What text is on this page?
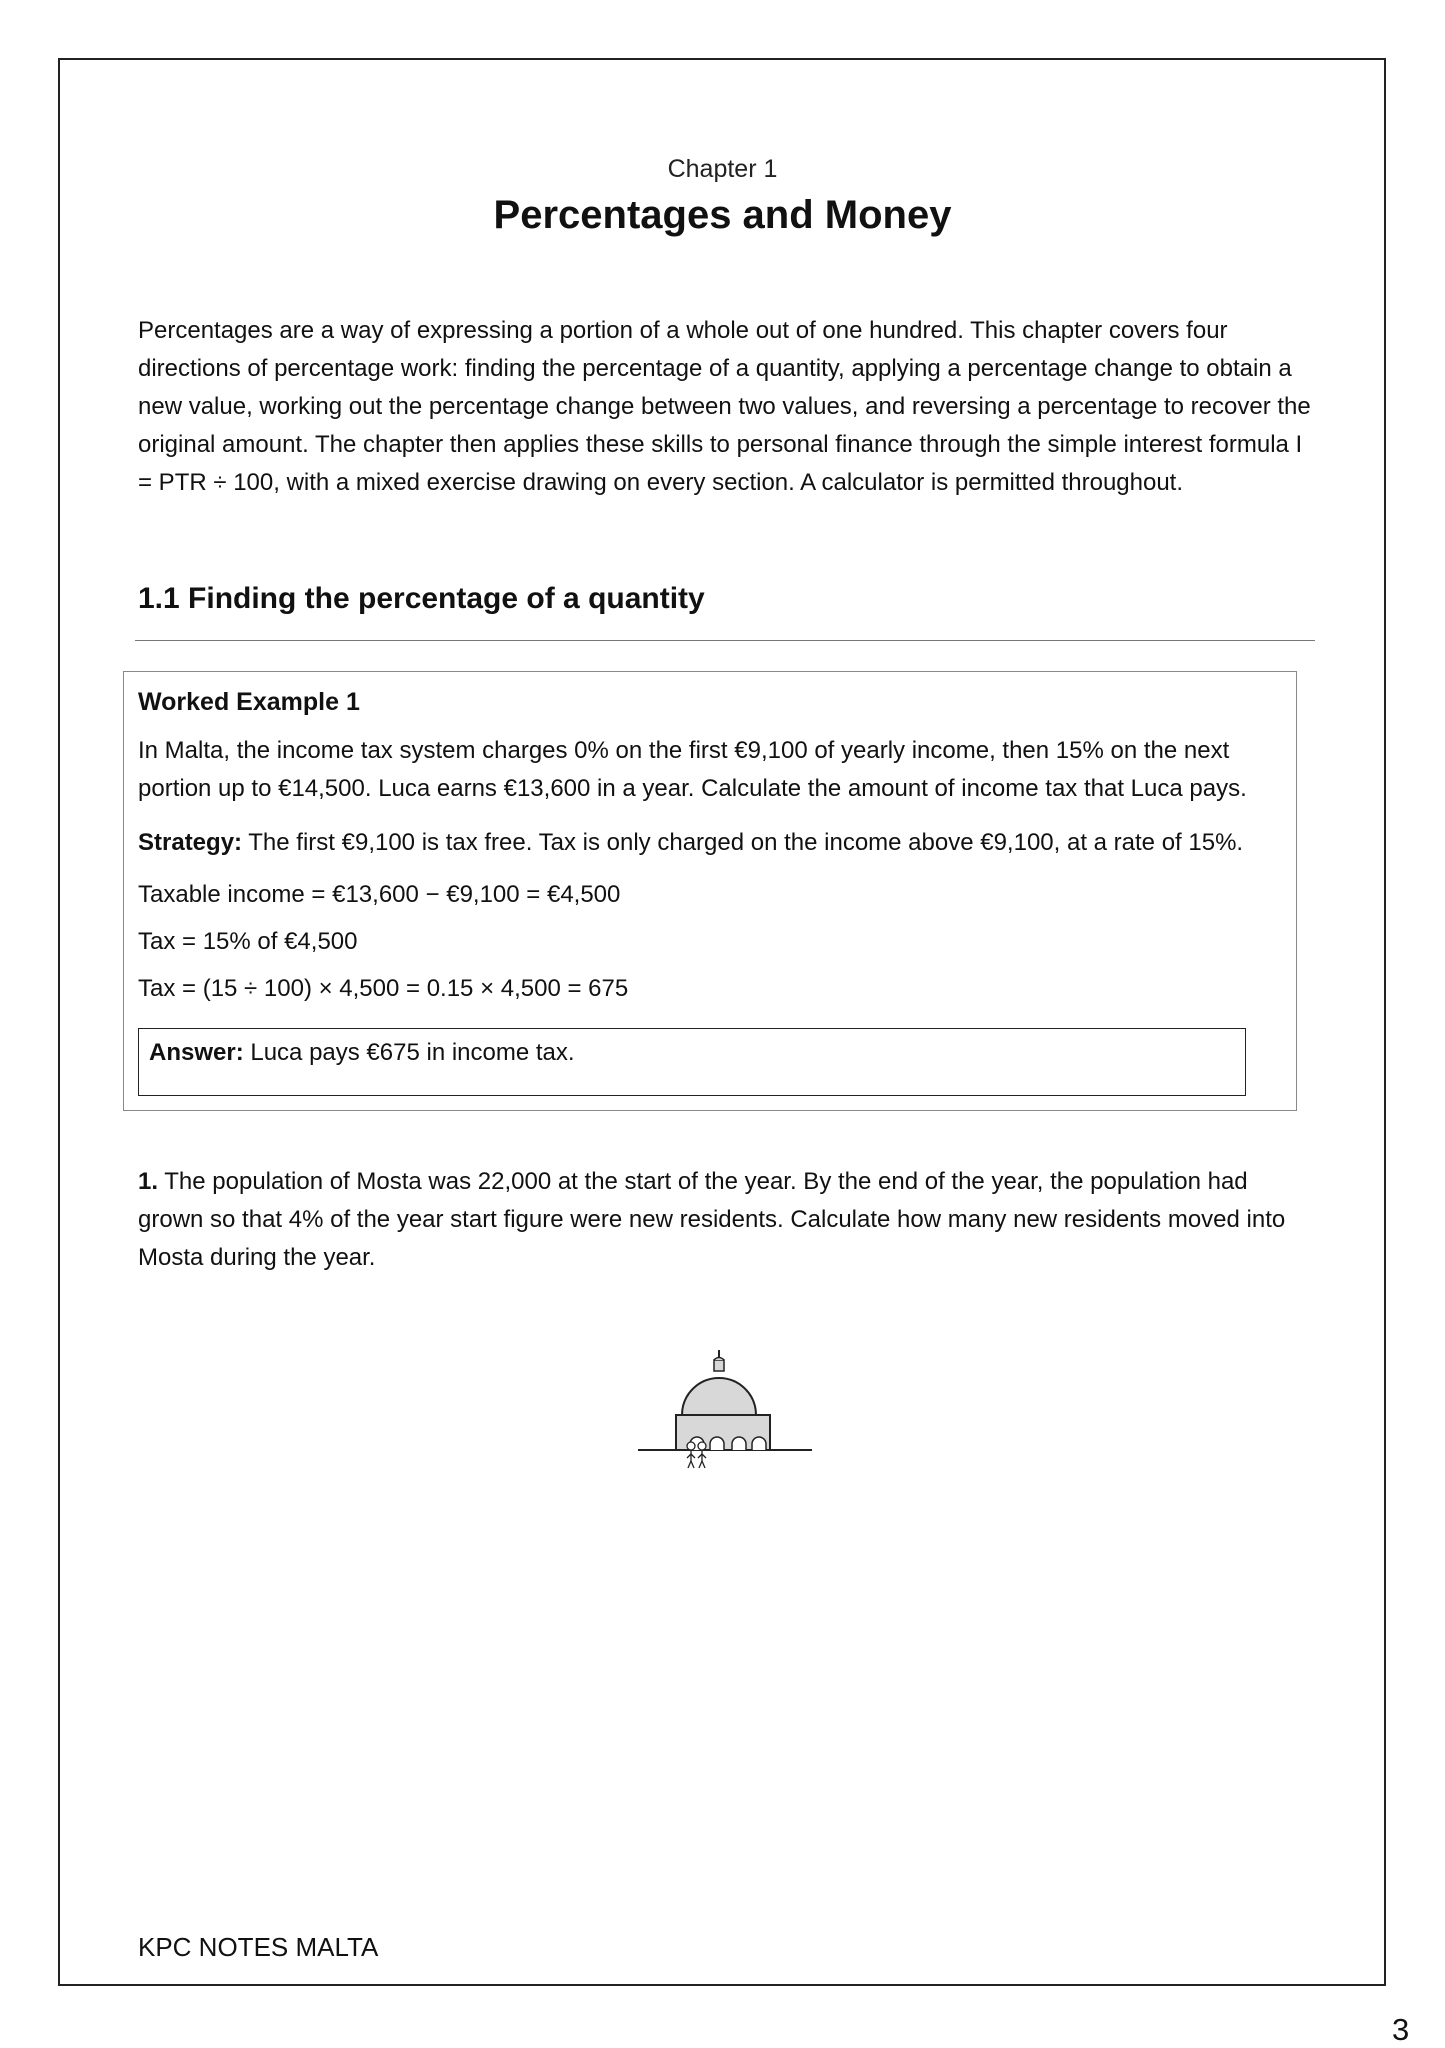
Chapter 1
Percentages and Money

Percentages are a way of expressing a portion of a whole out of one hundred. This chapter covers four directions of percentage work: finding the percentage of a quantity, applying a percentage change to obtain a new value, working out the percentage change between two values, and reversing a percentage to recover the original amount. The chapter then applies these skills to personal finance through the simple interest formula I = PTR ÷ 100, with a mixed exercise drawing on every section. A calculator is permitted throughout.

1.1 Finding the percentage of a quantity

Worked Example 1

In Malta, the income tax system charges 0% on the first €9,100 of yearly income, then 15% on the next portion up to €14,500. Luca earns €13,600 in a year. Calculate the amount of income tax that Luca pays.

Strategy: The first €9,100 is tax free. Tax is only charged on the income above €9,100, at a rate of 15%.

Taxable income = €13,600 − €9,100 = €4,500

Tax = 15% of €4,500

Tax = (15 ÷ 100) × 4,500 = 0.15 × 4,500 = 675

Answer: Luca pays €675 in income tax.

1. The population of Mosta was 22,000 at the start of the year. By the end of the year, the population had grown so that 4% of the year start figure were new residents. Calculate how many new residents moved into Mosta during the year.

KPC NOTES MALTA
3
